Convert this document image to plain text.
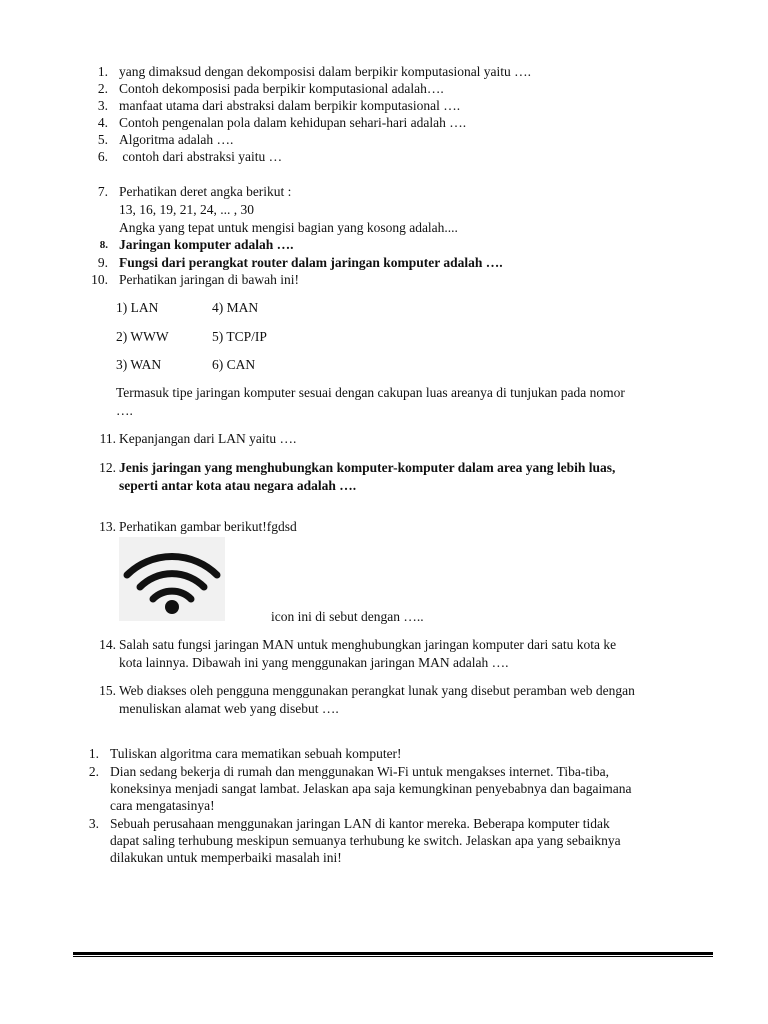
1. yang dimaksud dengan dekomposisi dalam berpikir komputasional yaitu ….
2. Contoh dekomposisi pada berpikir komputasional adalah….
3. manfaat utama dari abstraksi dalam berpikir komputasional ….
4. Contoh pengenalan pola dalam kehidupan sehari-hari adalah ….
5. Algoritma adalah ….
6. contoh dari abstraksi yaitu …
7. Perhatikan deret angka berikut :
13, 16, 19, 21, 24, ... , 30
Angka yang tepat untuk mengisi bagian yang kosong adalah....
8. Jaringan komputer adalah ….
9. Fungsi dari perangkat router dalam jaringan komputer adalah ….
10. Perhatikan jaringan di bawah ini!
1) LAN	4) MAN
2) WWW	5) TCP/IP
3) WAN	6) CAN
Termasuk tipe jaringan komputer sesuai dengan cakupan luas areanya di tunjukan pada nomor
….
11. Kepanjangan dari LAN yaitu ….
12. Jenis jaringan yang menghubungkan komputer-komputer dalam area yang lebih luas,
seperti antar kota atau negara adalah ….
13. Perhatikan gambar berikut!fgdsd
icon ini di sebut dengan …..
14. Salah satu fungsi jaringan MAN untuk menghubungkan jaringan komputer dari satu kota ke
kota lainnya. Dibawah ini yang menggunakan jaringan MAN adalah ….
15. Web diakses oleh pengguna menggunakan perangkat lunak yang disebut peramban web dengan
menuliskan alamat web yang disebut ….
1. Tuliskan algoritma cara mematikan sebuah komputer!
2. Dian sedang bekerja di rumah dan menggunakan Wi-Fi untuk mengakses internet. Tiba-tiba,
koneksinya menjadi sangat lambat. Jelaskan apa saja kemungkinan penyebabnya dan bagaimana
cara mengatasinya!
3. Sebuah perusahaan menggunakan jaringan LAN di kantor mereka. Beberapa komputer tidak
dapat saling terhubung meskipun semuanya terhubung ke switch. Jelaskan apa yang sebaiknya
dilakukan untuk memperbaiki masalah ini!
